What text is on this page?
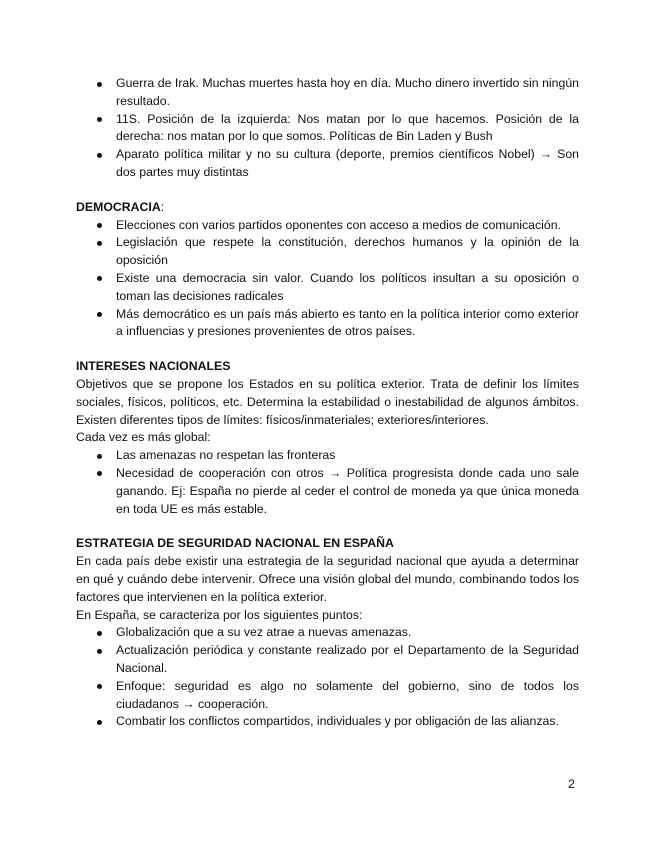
Guerra de Irak. Muchas muertes hasta hoy en día. Mucho dinero invertido sin ningún resultado.
11S. Posición de la izquierda: Nos matan por lo que hacemos. Posición de la derecha: nos matan por lo que somos. Políticas de Bin Laden y Bush
Aparato política militar y no su cultura (deporte, premios científicos Nobel) → Son dos partes muy distintas

DEMOCRACIA:

Elecciones con varios partidos oponentes con acceso a medios de comunicación.
Legislación que respete la constitución, derechos humanos y la opinión de la oposición
Existe una democracia sin valor. Cuando los políticos insultan a su oposición o toman las decisiones radicales
Más democrático es un país más abierto es tanto en la política interior como exterior a influencias y presiones provenientes de otros países.

INTERESES NACIONALES

Objetivos que se propone los Estados en su política exterior. Trata de definir los límites sociales, físicos, políticos, etc. Determina la estabilidad o inestabilidad de algunos ámbitos. Existen diferentes tipos de límites: físicos/inmateriales; exteriores/interiores.

Cada vez es más global:

Las amenazas no respetan las fronteras
Necesidad de cooperación con otros → Política progresista donde cada uno sale ganando. Ej: España no pierde al ceder el control de moneda ya que única moneda en toda UE es más estable.

ESTRATEGIA DE SEGURIDAD NACIONAL EN ESPAÑA

En cada país debe existir una estrategia de la seguridad nacional que ayuda a determinar en qué y cuándo debe intervenir. Ofrece una visión global del mundo, combinando todos los factores que intervienen en la política exterior.

En España, se caracteriza por los siguientes puntos:

Globalización que a su vez atrae a nuevas amenazas.
Actualización periódica y constante realizado por el Departamento de la Seguridad Nacional.
Enfoque: seguridad es algo no solamente del gobierno, sino de todos los ciudadanos → cooperación.
Combatir los conflictos compartidos, individuales y por obligación de las alianzas.
2
